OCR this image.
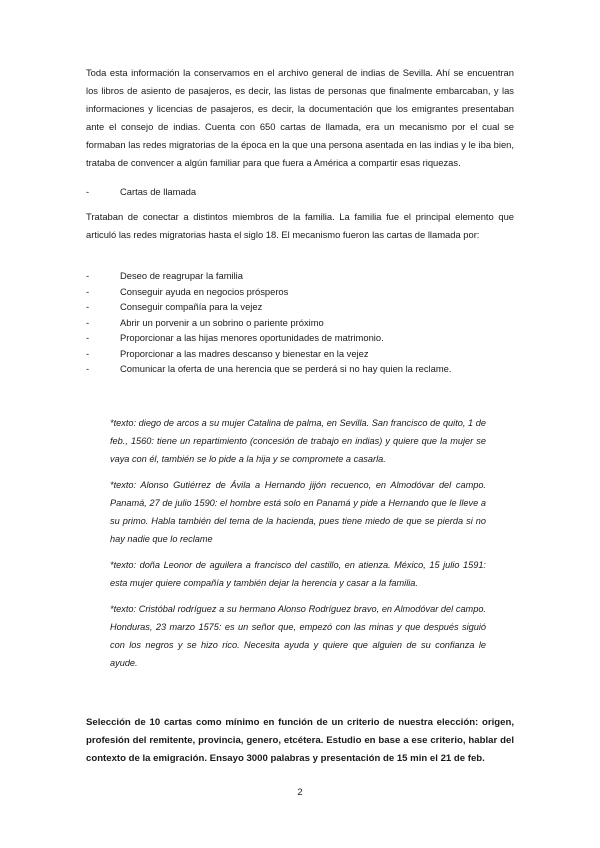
Toda esta información la conservamos en el archivo general de indias de Sevilla. Ahí se encuentran los libros de asiento de pasajeros, es decir, las listas de personas que finalmente embarcaban, y las informaciones y licencias de pasajeros, es decir, la documentación que los emigrantes presentaban ante el consejo de indias. Cuenta con 650 cartas de llamada, era un mecanismo por el cual se formaban las redes migratorias de la época en la que una persona asentada en las indias y le iba bien, trataba de convencer a algún familiar para que fuera a América a compartir esas riquezas.

-	Cartas de llamada

Trataban de conectar a distintos miembros de la familia. La familia fue el principal elemento que articuló las redes migratorias hasta el siglo 18. El mecanismo fueron las cartas de llamada por:

-	Deseo de reagrupar la familia
-	Conseguir ayuda en negocios prósperos
-	Conseguir compañía para la vejez
-	Abrir un porvenir a un sobrino o pariente próximo
-	Proporcionar a las hijas menores oportunidades de matrimonio.
-	Proporcionar a las madres descanso y bienestar en la vejez
-	Comunicar la oferta de una herencia que se perderá si no hay quien la reclame.

*texto: diego de arcos a su mujer Catalina de palma, en Sevilla. San francisco de quito, 1 de feb., 1560: tiene un repartimiento (concesión de trabajo en indias) y quiere que la mujer se vaya con él, también se lo pide a la hija y se compromete a casarla.

*texto: Alonso Gutiérrez de Ávila a Hernando jijón recuenco, en Almodóvar del campo. Panamá, 27 de julio 1590: el hombre está solo en Panamá y pide a Hernando que le lleve a su primo. Habla también del tema de la hacienda, pues tiene miedo de que se pierda si no hay nadie que lo reclame

*texto: doña Leonor de aguilera a francisco del castillo, en atienza. México, 15 julio 1591: esta mujer quiere compañía y también dejar la herencia y casar a la familia.

*texto: Cristóbal rodríguez a su hermano Alonso Rodríguez bravo, en Almodóvar del campo. Honduras, 23 marzo 1575: es un señor que, empezó con las minas y que después siguió con los negros y se hizo rico. Necesita ayuda y quiere que alguien de su confianza le ayude.

Selección de 10 cartas como mínimo en función de un criterio de nuestra elección: origen, profesión del remitente, provincia, genero, etcétera. Estudio en base a ese criterio, hablar del contexto de la emigración. Ensayo 3000 palabras y presentación de 15 min el 21 de feb.

2
